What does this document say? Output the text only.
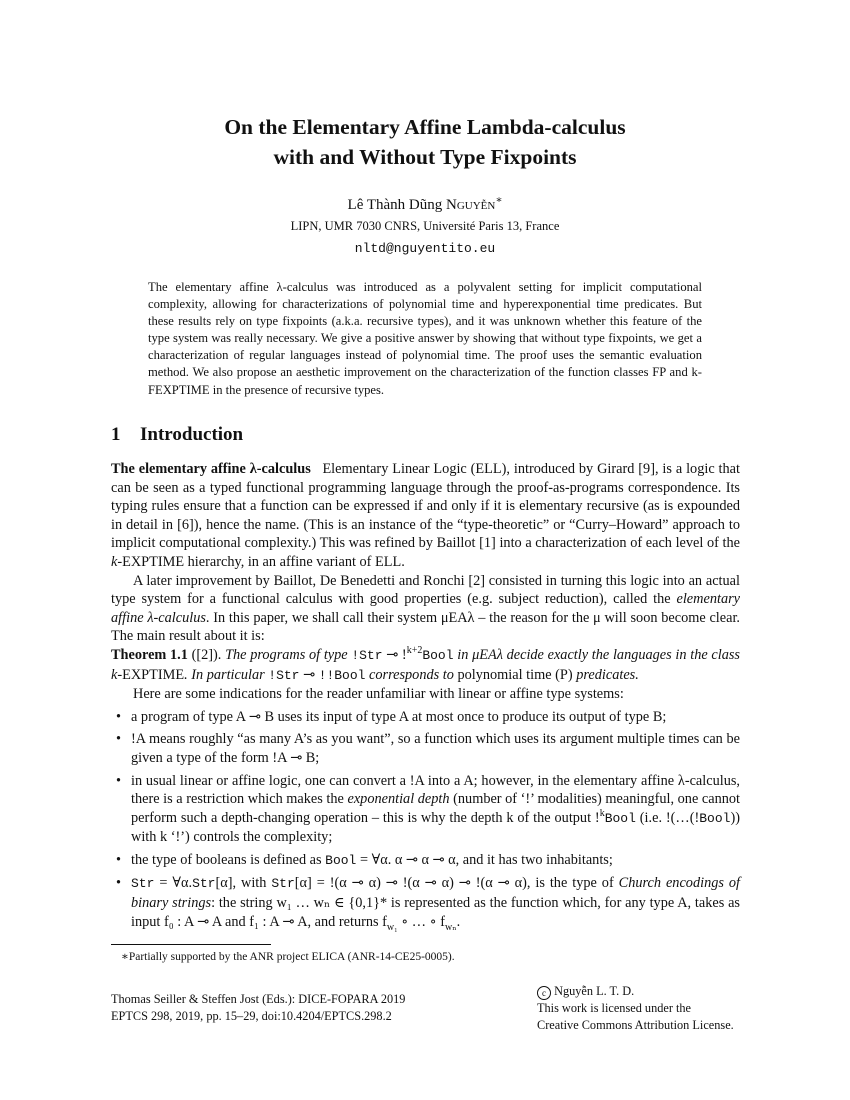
On the Elementary Affine Lambda-calculus
with and Without Type Fixpoints
Lê Thành Dũng Nguyễn∗
LIPN, UMR 7030 CNRS, Université Paris 13, France
nltd@nguyentito.eu
The elementary affine λ-calculus was introduced as a polyvalent setting for implicit computational complexity, allowing for characterizations of polynomial time and hyperexponential time predicates. But these results rely on type fixpoints (a.k.a. recursive types), and it was unknown whether this feature of the type system was really necessary. We give a positive answer by showing that without type fixpoints, we get a characterization of regular languages instead of polynomial time. The proof uses the semantic evaluation method. We also propose an aesthetic improvement on the characterization of the function classes FP and k-FEXPTIME in the presence of recursive types.
1 Introduction

The elementary affine λ-calculus Elementary Linear Logic (ELL), introduced by Girard [9], is a logic that can be seen as a typed functional programming language through the proof-as-programs correspondence. Its typing rules ensure that a function can be expressed if and only if it is elementary recursive (as is expounded in detail in [6]), hence the name. (This is an instance of the “type-theoretic” or “Curry–Howard” approach to implicit computational complexity.) This was refined by Baillot [1] into a characterization of each level of the k-EXPTIME hierarchy, in an affine variant of ELL.

A later improvement by Baillot, De Benedetti and Ronchi [2] consisted in turning this logic into an actual type system for a functional calculus with good properties (e.g. subject reduction), called the elementary affine λ-calculus. In this paper, we shall call their system μEAλ – the reason for the μ will soon become clear. The main result about it is:

Theorem 1.1 ([2]). The programs of type !Str ⊸ !$^{k+2}$Bool in μEAλ decide exactly the languages in the class k-EXPTIME. In particular !Str ⊸ !!Bool corresponds to polynomial time (P) predicates.

Here are some indications for the reader unfamiliar with linear or affine type systems:

• a program of type A ⊸ B uses its input of type A at most once to produce its output of type B;
• !A means roughly “as many A’s as you want”, so a function which uses its argument multiple times can be given a type of the form !A ⊸ B;
• in usual linear or affine logic, one can convert a !A into a A; however, in the elementary affine λ-calculus, there is a restriction which makes the exponential depth (number of ‘!’ modalities) meaningful, one cannot perform such a depth-changing operation – this is why the depth k of the output !$^k$Bool (i.e. !(…(!Bool)) with k ‘!’) controls the complexity;
• the type of booleans is defined as Bool = ∀α. α ⊸ α ⊸ α, and it has two inhabitants;
• Str = ∀α.Str[α], with Str[α] = !(α ⊸ α) ⊸ !(α ⊸ α) ⊸ !(α ⊸ α), is the type of Church encodings of binary strings: the string w₁ … wₙ ∈ {0,1}* is represented as the function which, for any type A, takes as input f₀ : A ⊸ A and f₁ : A ⊸ A, and returns $f_{w_1}$ ∘ … ∘ $f_{w_n}$.
∗Partially supported by the ANR project ELICA (ANR-14-CE25-0005).
Thomas Seiller & Steffen Jost (Eds.): DICE-FOPARA 2019
EPTCS 298, 2019, pp. 15–29, doi:10.4204/EPTCS.298.2
c Nguyễn L. T. D.
This work is licensed under the
Creative Commons Attribution License.
